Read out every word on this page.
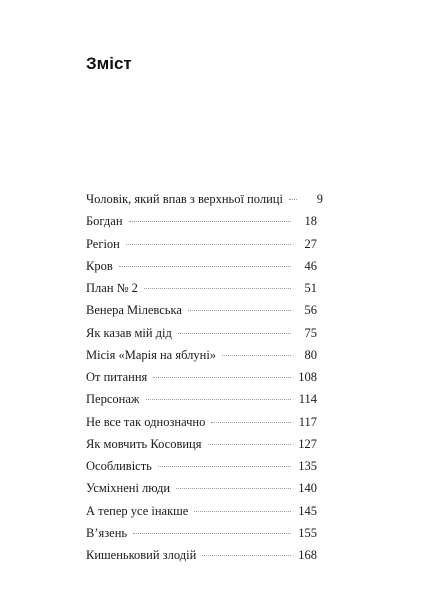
Зміст
Чоловік, який впав з верхньої полиці	9
Богдан	18
Регіон	27
Кров	46
План № 2	51
Венера Мілевська	56
Як казав мій дід	75
Місія «Марія на яблуні»	80
От питання	108
Персонаж	114
Не все так однозначно	117
Як мовчить Косовиця	127
Особливість	135
Усміхнені люди	140
А тепер усе інакше	145
В’язень	155
Кишеньковий злодій	168
